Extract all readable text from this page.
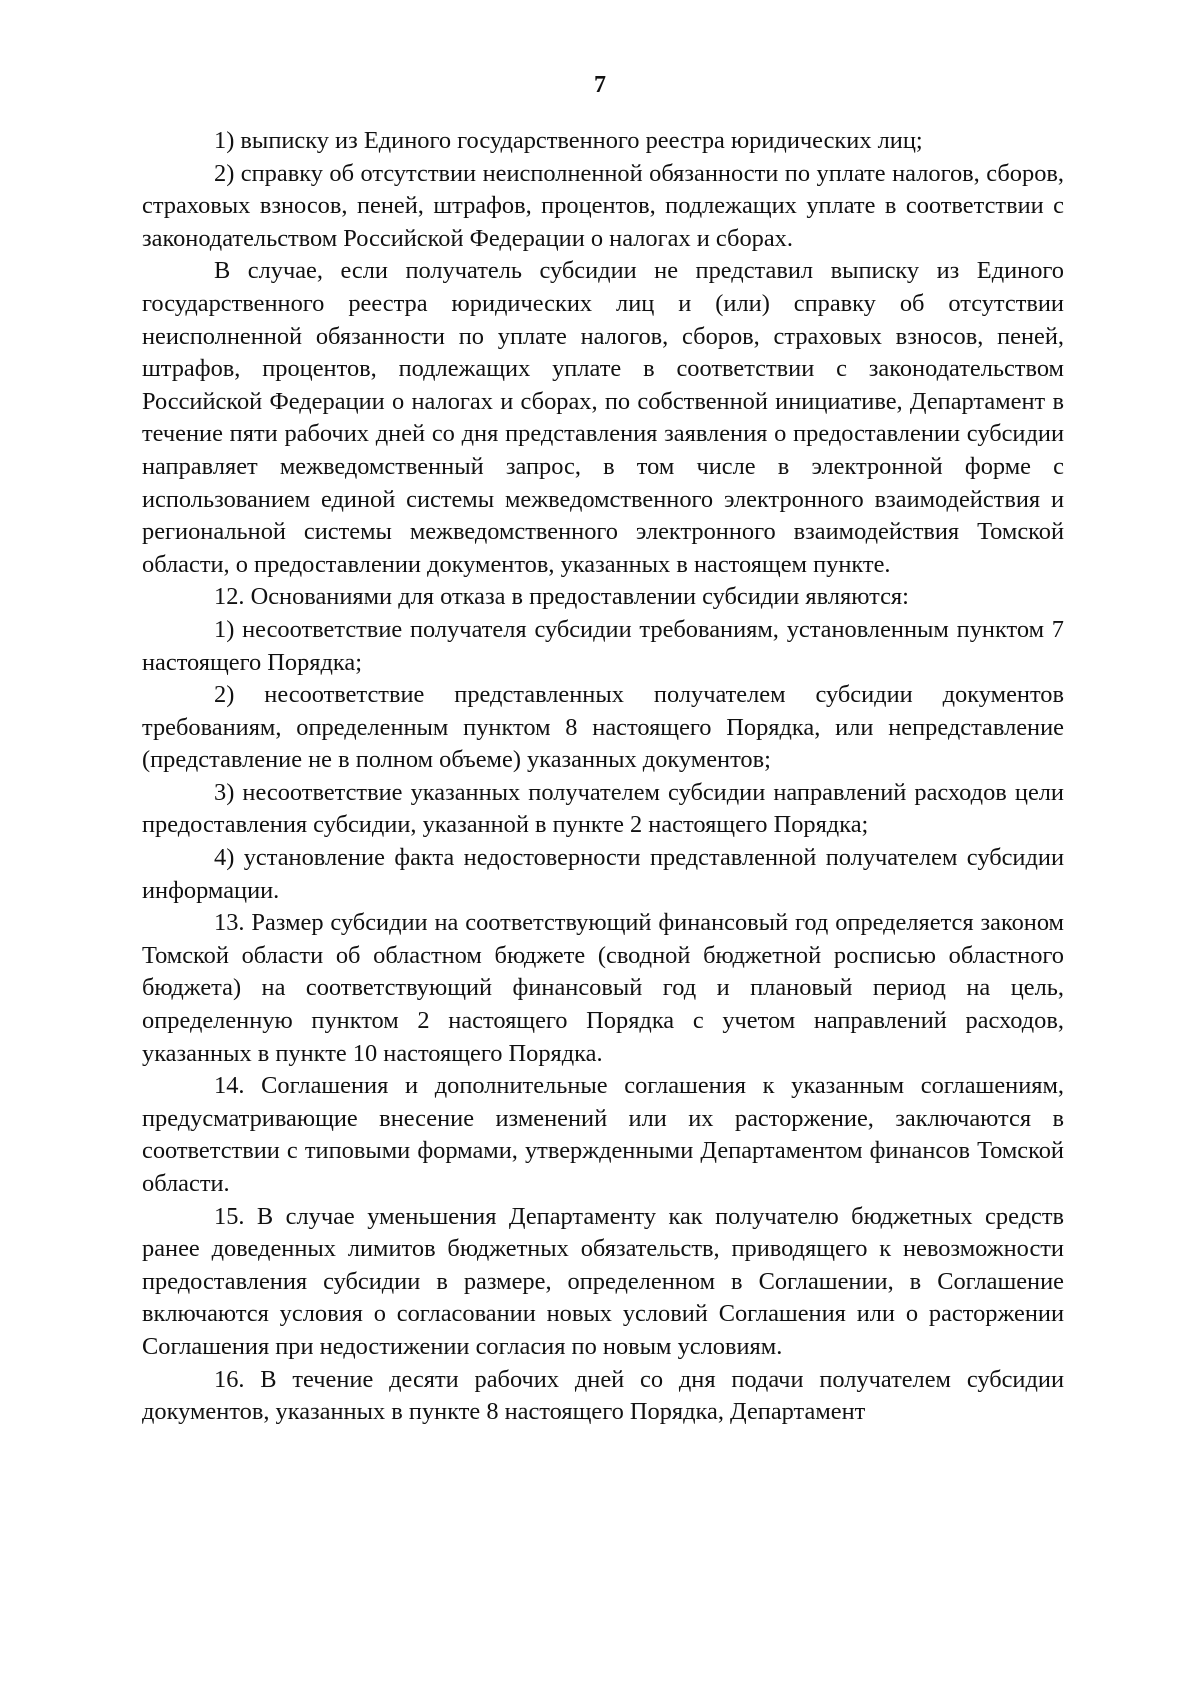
7

1) выписку из Единого государственного реестра юридических лиц;

2) справку об отсутствии неисполненной обязанности по уплате налогов, сборов, страховых взносов, пеней, штрафов, процентов, подлежащих уплате в соответствии с законодательством Российской Федерации о налогах и сборах.

В случае, если получатель субсидии не представил выписку из Единого государственного реестра юридических лиц и (или) справку об отсутствии неисполненной обязанности по уплате налогов, сборов, страховых взносов, пеней, штрафов, процентов, подлежащих уплате в соответствии с законодательством Российской Федерации о налогах и сборах, по собственной инициативе, Департамент в течение пяти рабочих дней со дня представления заявления о предоставлении субсидии направляет межведомственный запрос, в том числе в электронной форме с использованием единой системы межведомственного электронного взаимодействия и региональной системы межведомственного электронного взаимодействия Томской области, о предоставлении документов, указанных в настоящем пункте.

12. Основаниями для отказа в предоставлении субсидии являются:

1) несоответствие получателя субсидии требованиям, установленным пунктом 7 настоящего Порядка;

2) несоответствие представленных получателем субсидии документов требованиям, определенным пунктом 8 настоящего Порядка, или непредставление (представление не в полном объеме) указанных документов;

3) несоответствие указанных получателем субсидии направлений расходов цели предоставления субсидии, указанной в пункте 2 настоящего Порядка;

4) установление факта недостоверности представленной получателем субсидии информации.

13. Размер субсидии на соответствующий финансовый год определяется законом Томской области об областном бюджете (сводной бюджетной росписью областного бюджета) на соответствующий финансовый год и плановый период на цель, определенную пунктом 2 настоящего Порядка с учетом направлений расходов, указанных в пункте 10 настоящего Порядка.

14. Соглашения и дополнительные соглашения к указанным соглашениям, предусматривающие внесение изменений или их расторжение, заключаются в соответствии с типовыми формами, утвержденными Департаментом финансов Томской области.

15. В случае уменьшения Департаменту как получателю бюджетных средств ранее доведенных лимитов бюджетных обязательств, приводящего к невозможности предоставления субсидии в размере, определенном в Соглашении, в Соглашение включаются условия о согласовании новых условий Соглашения или о расторжении Соглашения при недостижении согласия по новым условиям.

16. В течение десяти рабочих дней со дня подачи получателем субсидии документов, указанных в пункте 8 настоящего Порядка, Департамент
